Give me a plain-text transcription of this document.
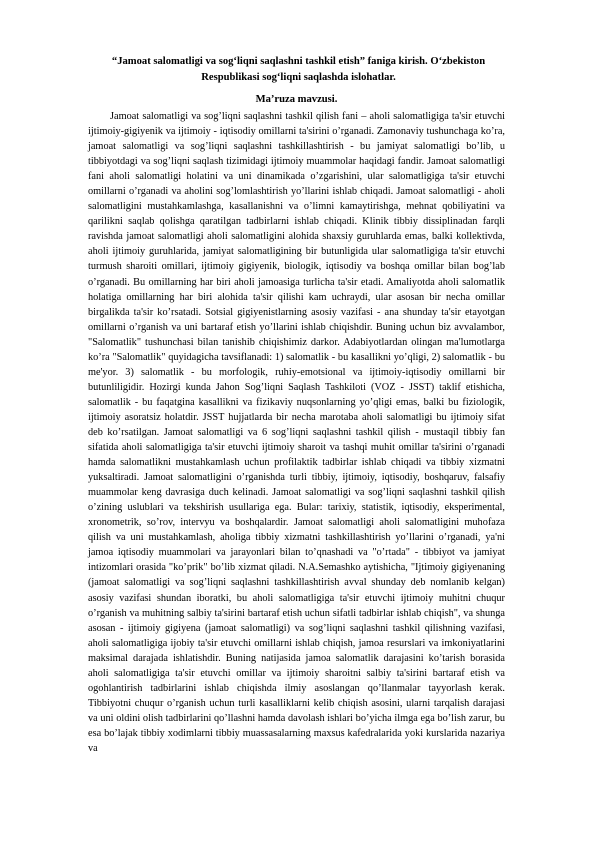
“Jamoat salomatligi va sog‘liqni saqlashni tashkil etish” faniga kirish. O‘zbekiston Respublikasi sog‘liqni saqlashda islohatlar.

Ma’ruza mavzusi.

Jamoat salomatligi va sog’liqni saqlashni tashkil qilish fani – aholi salomatligiga ta'sir etuvchi ijtimoiy-gigiyenik va ijtimoiy - iqtisodiy omillarni ta'sirini o’rganadi. Zamonaviy tushunchaga ko’ra, jamoat salomatligi va sog’liqni saqlashni tashkillashtirish - bu jamiyat salomatligi bo’lib, u tibbiyotdagi va sog’liqni saqlash tizimidagi ijtimoiy muammolar haqidagi fandir. Jamoat salomatligi fani aholi salomatligi holatini va uni dinamikada o’zgarishini, ular salomatligiga ta'sir etuvchi omillarni o’rganadi va aholini sog’lomlashtirish yo’llarini ishlab chiqadi. Jamoat salomatligi - aholi salomatligini mustahkamlashga, kasallanishni va o’limni kamaytirishga, mehnat qobiliyatini va qarilikni saqlab qolishga qaratilgan tadbirlarni ishlab chiqadi. Klinik tibbiy dissiplinadan farqli ravishda jamoat salomatligi aholi salomatligini alohida shaxsiy guruhlarda emas, balki kollektivda, aholi ijtimoiy guruhlarida, jamiyat salomatligining bir butunligida ular salomatligiga ta'sir etuvchi turmush sharoiti omillari, ijtimoiy gigiyenik, biologik, iqtisodiy va boshqa omillar bilan bog’lab o’rganadi. Bu omillarning har biri aholi jamoasiga turlicha ta'sir etadi. Amaliyotda aholi salomatlik holatiga omillarning har biri alohida ta'sir qilishi kam uchraydi, ular asosan bir necha omillar birgalikda ta'sir ko’rsatadi. Sotsial gigiyenistlarning asosiy vazifasi - ana shunday ta'sir etayotgan omillarni o’rganish va uni bartaraf etish yo’llarini ishlab chiqishdir. Buning uchun biz avvalambor, "Salomatlik" tushunchasi bilan tanishib chiqishimiz darkor. Adabiyotlardan olingan ma'lumotlarga ko’ra "Salomatlik" quyidagicha tavsiflanadi: 1) salomatlik - bu kasallikni yo’qligi, 2) salomatlik - bu me'yor. 3) salomatlik - bu morfologik, ruhiy-emotsional va ijtimoiy-iqtisodiy omillarni bir butunliligidir. Hozirgi kunda Jahon Sog’liqni Saqlash Tashkiloti (VOZ - JSST) taklif etishicha, salomatlik - bu faqatgina kasallikni va fizikaviy nuqsonlarning yo’qligi emas, balki bu fiziologik, ijtimoiy asoratsiz holatdir. JSST hujjatlarda bir necha marotaba aholi salomatligi bu ijtimoiy sifat deb ko’rsatilgan. Jamoat salomatligi va 6 sog’liqni saqlashni tashkil qilish - mustaqil tibbiy fan sifatida aholi salomatligiga ta'sir etuvchi ijtimoiy sharoit va tashqi muhit omillar ta'sirini o’rganadi hamda salomatlikni mustahkamlash uchun profilaktik tadbirlar ishlab chiqadi va tibbiy xizmatni yuksaltiradi. Jamoat salomatligini o’rganishda turli tibbiy, ijtimoiy, iqtisodiy, boshqaruv, falsafiy muammolar keng davrasiga duch kelinadi. Jamoat salomatligi va sog’liqni saqlashni tashkil qilish o’zining uslublari va tekshirish usullariga ega. Bular: tarixiy, statistik, iqtisodiy, eksperimental, xronometrik, so’rov, intervyu va boshqalardir. Jamoat salomatligi aholi salomatligini muhofaza qilish va uni mustahkamlash, aholiga tibbiy xizmatni tashkillashtirish yo’llarini o’rganadi, ya'ni jamoa iqtisodiy muammolari va jarayonlari bilan to’qnashadi va "o’rtada" - tibbiyot va jamiyat intizomlari orasida "ko’prik" bo’lib xizmat qiladi. N.A.Semashko aytishicha, "Ijtimoiy gigiyenaning (jamoat salomatligi va sog’liqni saqlashni tashkillashtirish avval shunday deb nomlanib kelgan) asosiy vazifasi shundan iboratki, bu aholi salomatligiga ta'sir etuvchi ijtimoiy muhitni chuqur o’rganish va muhitning salbiy ta'sirini bartaraf etish uchun sifatli tadbirlar ishlab chiqish", va shunga asosan - ijtimoiy gigiyena (jamoat salomatligi) va sog’liqni saqlashni tashkil qilishning vazifasi, aholi salomatligiga ijobiy ta'sir etuvchi omillarni ishlab chiqish, jamoa resurslari va imkoniyatlarini maksimal darajada ishlatishdir. Buning natijasida jamoa salomatlik darajasini ko’tarish borasida aholi salomatligiga ta'sir etuvchi omillar va ijtimoiy sharoitni salbiy ta'sirini bartaraf etish va ogohlantirish tadbirlarini ishlab chiqishda ilmiy asoslangan qo’llanmalar tayyorlash kerak. Tibbiyotni chuqur o’rganish uchun turli kasalliklarni kelib chiqish asosini, ularni tarqalish darajasi va uni oldini olish tadbirlarini qo’llashni hamda davolash ishlari bo’yicha ilmga ega bo’lish zarur, bu esa bo’lajak tibbiy xodimlarni tibbiy muassasalarning maxsus kafedralarida yoki kurslarida nazariya va
